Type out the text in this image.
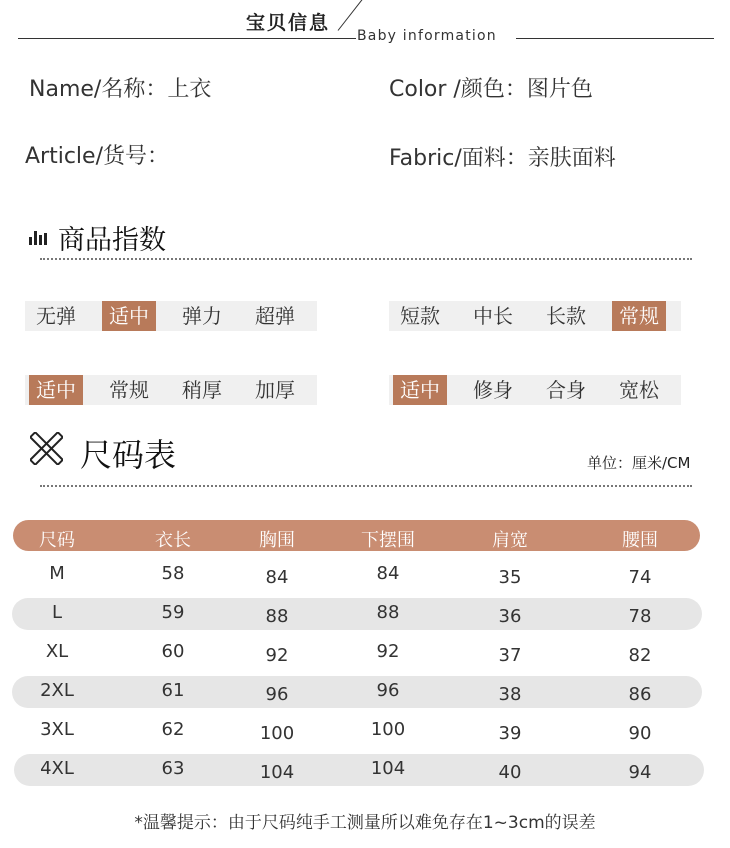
宝贝信息
Baby information
Name/名称：上衣	Color /颜色：图片色
Article/货号：	Fabric/面料：亲肤面料
商品指数
无弹	适中	弹力	超弹	短款	中长	长款	常规
适中	常规	稍厚	加厚	适中	修身	合身	宽松
尺码表	单位：厘米/CM
尺码	衣长	胸围	下摆围	肩宽	腰围
M	58	84	84	35	74
L	59	88	88	36	78
XL	60	92	92	37	82
2XL	61	96	96	38	86
3XL	62	100	100	39	90
4XL	63	104	104	40	94
*温馨提示：由于尺码纯手工测量所以难免存在1~3cm的误差
